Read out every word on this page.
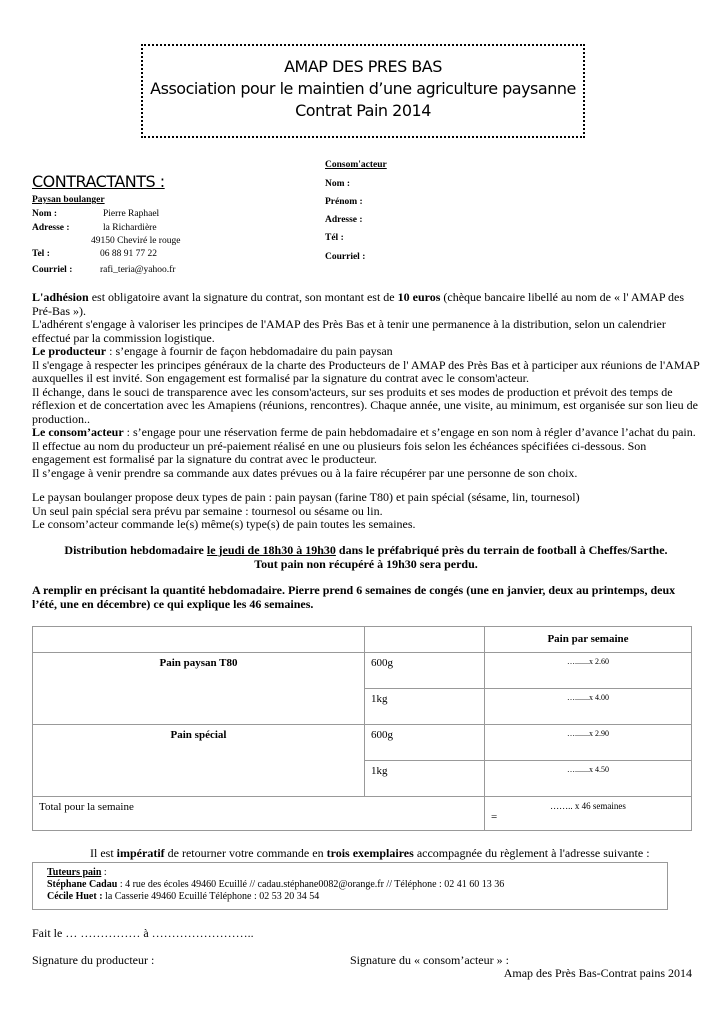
AMAP DES PRES BAS
Association pour le maintien d’une agriculture paysanne
Contrat Pain 2014
CONTRACTANTS :
Paysan boulanger
Nom :	Pierre Raphael
Adresse :	la Richardière
49150 Cheviré le rouge
Tel :	06 88 91 77 22
Courriel :	rafi_teria@yahoo.fr
Consom'acteur
Nom :
Prénom :
Adresse :
Tél :
Courriel :
L'adhésion est obligatoire avant la signature du contrat, son montant est de 10 euros (chèque bancaire libellé au nom de « l' AMAP des Pré-Bas »).
L'adhérent s'engage à valoriser les principes de l'AMAP des Près Bas et à tenir une permanence à la distribution, selon un calendrier effectué par la commission logistique.
Le producteur : s’engage à fournir de façon hebdomadaire du pain paysan
Il s'engage à respecter les principes généraux de la charte des Producteurs de l' AMAP des Près Bas et à participer aux réunions de l'AMAP auxquelles il est invité. Son engagement est formalisé par la signature du contrat avec le consom'acteur.
Il échange, dans le souci de transparence avec les consom'acteurs, sur ses produits et ses modes de production et prévoit des temps de réflexion et de concertation avec les Amapiens (réunions, rencontres). Chaque année, une visite, au minimum, est organisée sur son lieu de production..
Le consom’acteur : s’engage pour une réservation ferme de pain hebdomadaire et s’engage en son nom à régler d’avance l’achat du pain. Il effectue au nom du producteur un pré-paiement réalisé en une ou plusieurs fois selon les échéances spécifiées ci-dessous. Son engagement est formalisé par la signature du contrat avec le producteur.
Il s’engage à venir prendre sa commande aux dates prévues ou à la faire récupérer par une personne de son choix.
Le paysan boulanger propose deux types de pain : pain paysan (farine T80) et pain spécial (sésame, lin, tournesol)
Un seul pain spécial sera prévu par semaine : tournesol ou sésame ou lin.
Le consom’acteur commande le(s) même(s) type(s) de pain toutes les semaines.
Distribution hebdomadaire le jeudi de 18h30 à 19h30 dans le préfabriqué près du terrain de football à Cheffes/Sarthe.
Tout pain non récupéré à 19h30 sera perdu.
A remplir en précisant la quantité hebdomadaire. Pierre prend 6 semaines de congés (une en janvier, deux au printemps, deux l’été, une en décembre) ce qui explique les 46 semaines.
		Pain par semaine
Pain paysan T80	600g	….......x 2.60
	1kg	….......x 4.00
Pain spécial	600g	….......x 2.90
	1kg	….......x 4.50
Total pour la semaine		…….. x 46 semaines
=
Il est impératif de retourner votre commande en trois exemplaires accompagnée du règlement à l'adresse suivante :
Tuteurs pain :
Stéphane Cadau : 4 rue des écoles 49460 Ecuillé // cadau.stéphane0082@orange.fr // Téléphone : 02 41 60 13 36
Cécile Huet : la Casserie 49460 Ecuillé Téléphone : 02 53 20 34 54
Fait le … …………… à ……………………..
Signature du producteur :	Signature du « consom’acteur » :
Amap des Près Bas-Contrat pains 2014
